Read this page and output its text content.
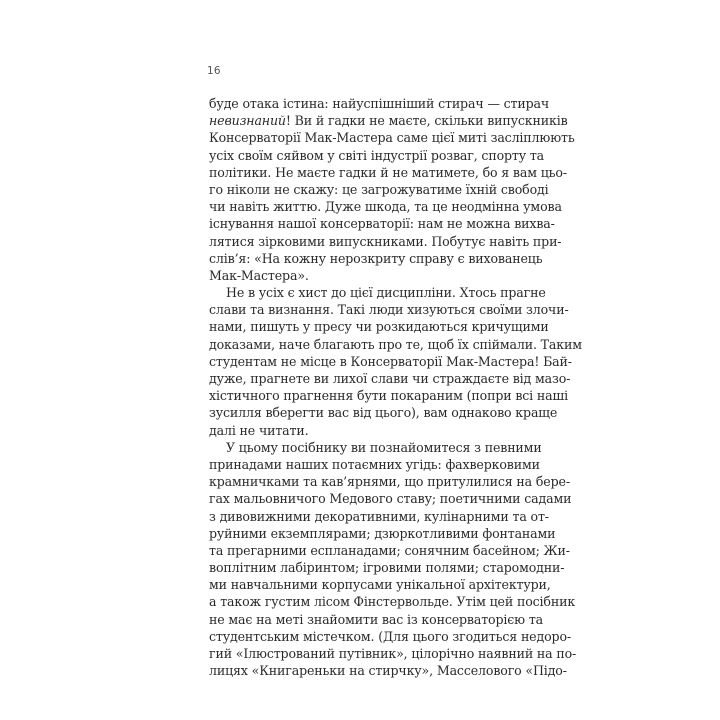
16
буде отака істина: найуспішніший стирач — стирач
невизнаний! Ви й гадки не маєте, скільки випускників
Консерваторії Мак-Мастера саме цієї миті засліплюють
усіх своїм сяйвом у світі індустрії розваг, спорту та
політики. Не маєте гадки й не матимете, бо я вам цьо-
го ніколи не скажу: це загрожуватиме їхній свободі
чи навіть життю. Дуже шкода, та це неодмінна умова
існування нашої консерваторії: нам не можна вихва-
лятися зірковими випускниками. Побутує навіть при-
слів’я: «На кожну нерозкриту справу є вихованець
Мак-Мастера».
Не в усіх є хист до цієї дисципліни. Хтось прагне
слави та визнання. Такі люди хизуються своїми злочи-
нами, пишуть у пресу чи розкидаються кричущими
доказами, наче благають про те, щоб їх спіймали. Таким
студентам не місце в Консерваторії Мак-Мастера! Бай-
дуже, прагнете ви лихої слави чи страждаєте від мазо-
хістичного прагнення бути покараним (попри всі наші
зусилля вберегти вас від цього), вам однаково краще
далі не читати.
У цьому посібнику ви познайомитеся з певними
принадами наших потаємних угідь: фахверковими
крамничками та кав’ярнями, що притулилися на бере-
гах мальовничого Медового ставу; поетичними садами
з дивовижними декоративними, кулінарними та от-
руйними екземплярами; дзюркотливими фонтанами
та прегарними еспланадами; сонячним басейном; Жи-
воплітним лабіринтом; ігровими полями; старомодни-
ми навчальними корпусами унікальної архітектури,
а також густим лісом Фінстервольде. Утім цей посібник
не має на меті знайомити вас із консерваторією та
студентським містечком. (Для цього згодиться недоро-
гий «Ілюстрований путівник», цілорічно наявний на по-
лицях «Книгареньки на стирчку», Масселового «Підо-
